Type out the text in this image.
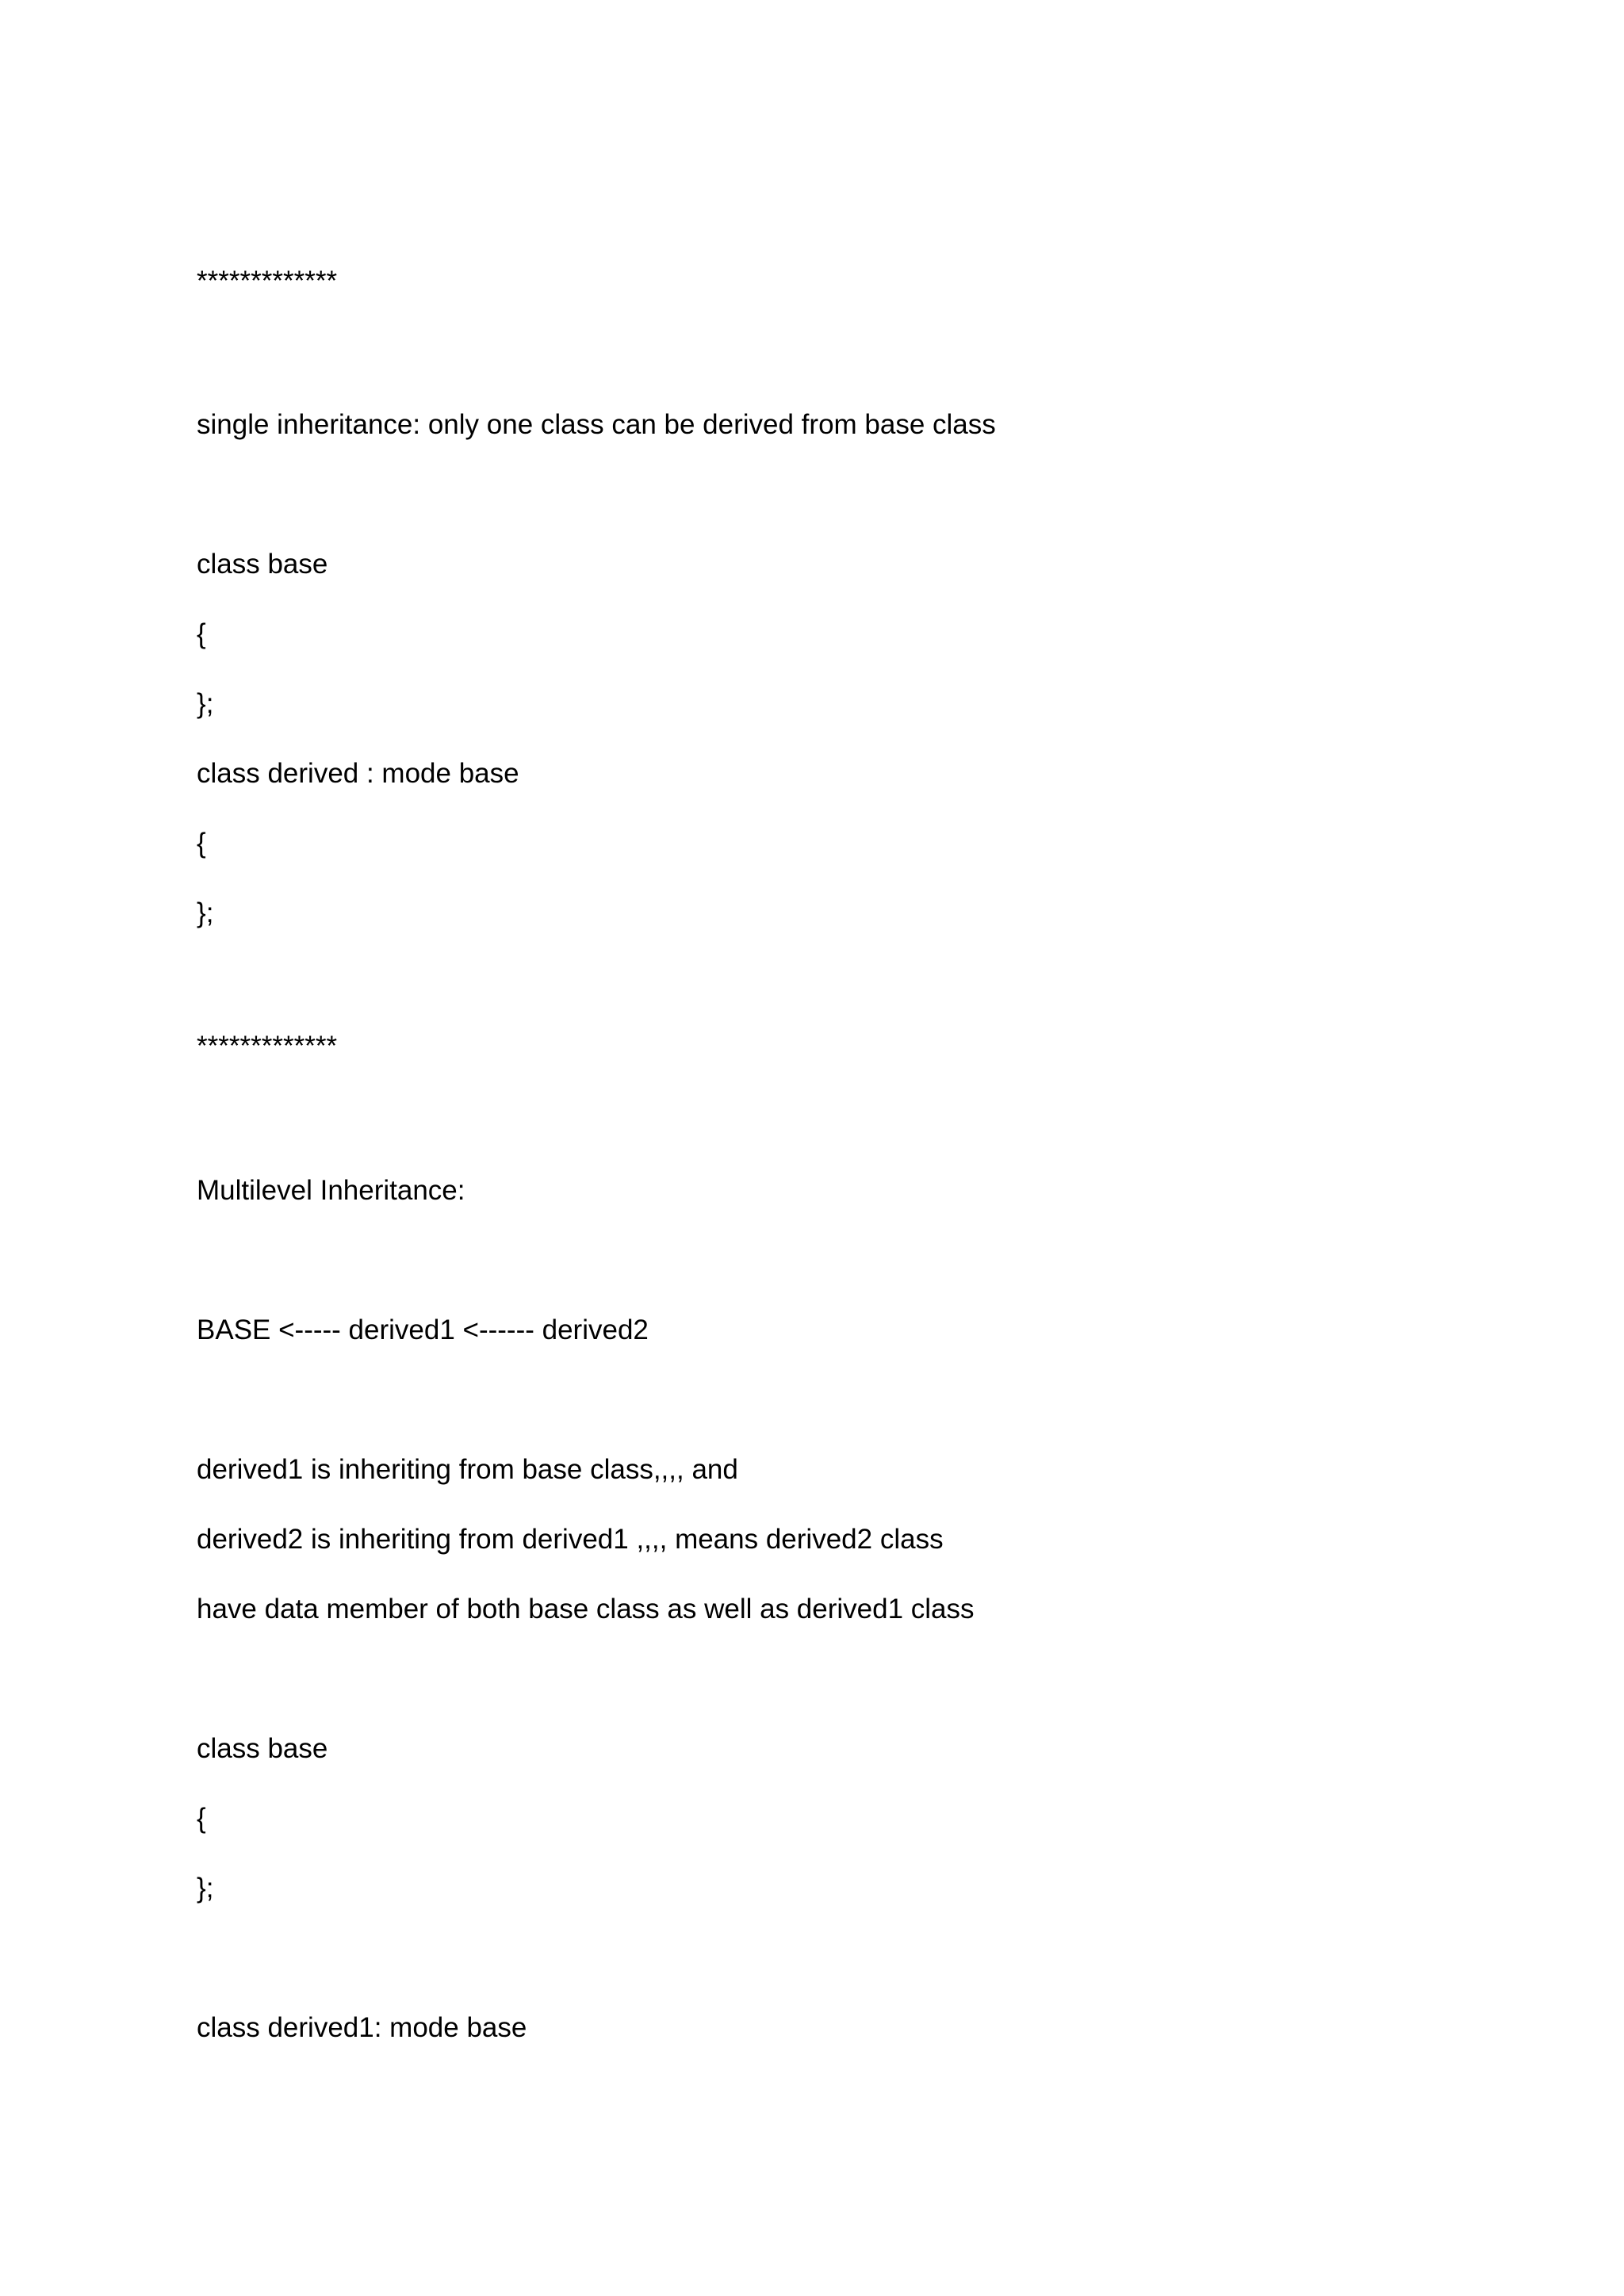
*************
single inheritance: only one class can be derived from base class
class base
{
};
class derived : mode base
{
};
*************
Multilevel Inheritance:
BASE <----- derived1 <------ derived2
derived1 is inheriting from base class,,,, and
derived2 is inheriting from derived1 ,,,, means derived2 class
have data member of both base class as well as derived1 class
class base
{
};
class derived1: mode base
